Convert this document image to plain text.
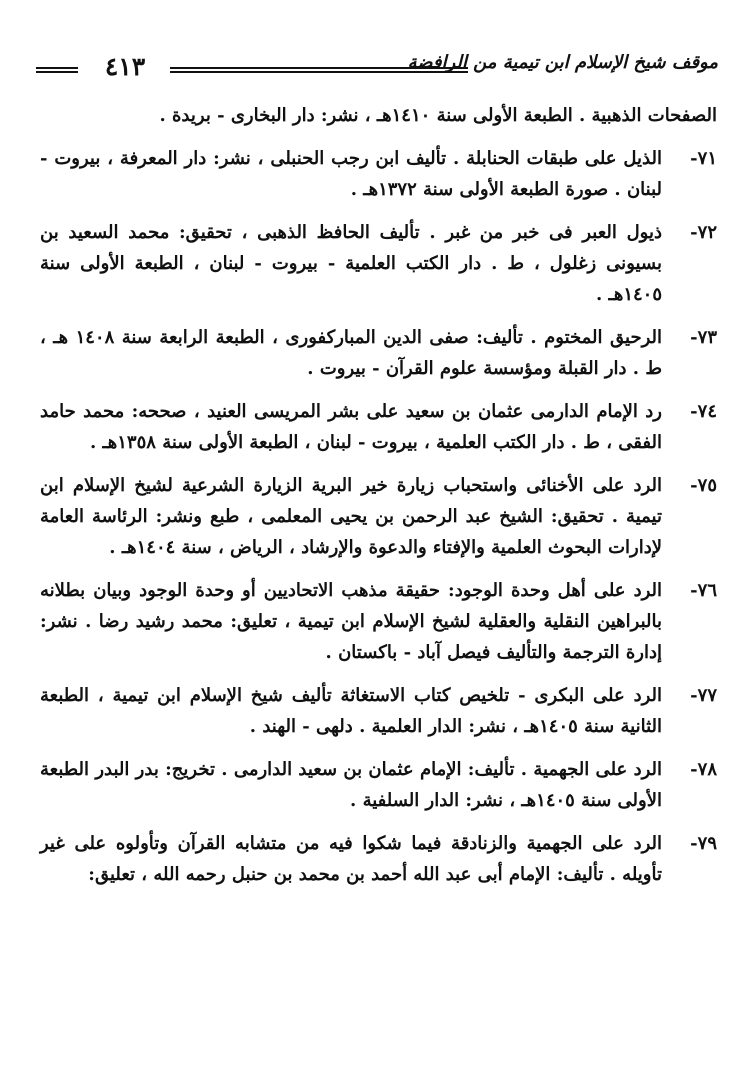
٤١٣	موقف شيخ الإسلام ابن تيمية من الرافضة

الصفحات الذهبية . الطبعة الأولى سنة ١٤١٠هـ ، نشر: دار البخارى - بريدة .

٧١-
الذيل على طبقات الحنابلة . تأليف ابن رجب الحنبلى ، نشر: دار المعرفة ، بيروت - لبنان . صورة الطبعة الأولى سنة ١٣٧٢هـ .
٧٢-
ذيول العبر فى خبر من غبر . تأليف الحافظ الذهبى ، تحقيق: محمد السعيد بن بسيونى زغلول ، ط . دار الكتب العلمية - بيروت - لبنان ، الطبعة الأولى سنة ١٤٠٥هـ .
٧٣-
الرحيق المختوم . تأليف: صفى الدين المباركفورى ، الطبعة الرابعة سنة ١٤٠٨ هـ ، ط . دار القبلة ومؤسسة علوم القرآن - بيروت .
٧٤-
رد الإمام الدارمى عثمان بن سعيد على بشر المريسى العنيد ، صححه: محمد حامد الفقى ، ط . دار الكتب العلمية ، بيروت - لبنان ، الطبعة الأولى سنة ١٣٥٨هـ .
٧٥-
الرد على الأخنائى واستحباب زيارة خير البرية الزيارة الشرعية لشيخ الإسلام ابن تيمية . تحقيق: الشيخ عبد الرحمن بن يحيى المعلمى ، طبع ونشر: الرئاسة العامة لإدارات البحوث العلمية والإفتاء والدعوة والإرشاد ، الرياض ، سنة ١٤٠٤هـ .
٧٦-
الرد على أهل وحدة الوجود: حقيقة مذهب الاتحاديين أو وحدة الوجود وبيان بطلانه بالبراهين النقلية والعقلية لشيخ الإسلام ابن تيمية ، تعليق: محمد رشيد رضا . نشر: إدارة الترجمة والتأليف فيصل آباد - باكستان .
٧٧-
الرد على البكرى - تلخيص كتاب الاستغاثة تأليف شيخ الإسلام ابن تيمية ، الطبعة الثانية سنة ١٤٠٥هـ ، نشر: الدار العلمية . دلهى - الهند .
٧٨-
الرد على الجهمية . تأليف: الإمام عثمان بن سعيد الدارمى . تخريج: بدر البدر الطبعة الأولى سنة ١٤٠٥هـ ، نشر: الدار السلفية .
٧٩-
الرد على الجهمية والزنادقة فيما شكوا فيه من متشابه القرآن وتأولوه على غير تأويله . تأليف: الإمام أبى عبد الله أحمد بن محمد بن حنبل رحمه الله ، تعليق:
